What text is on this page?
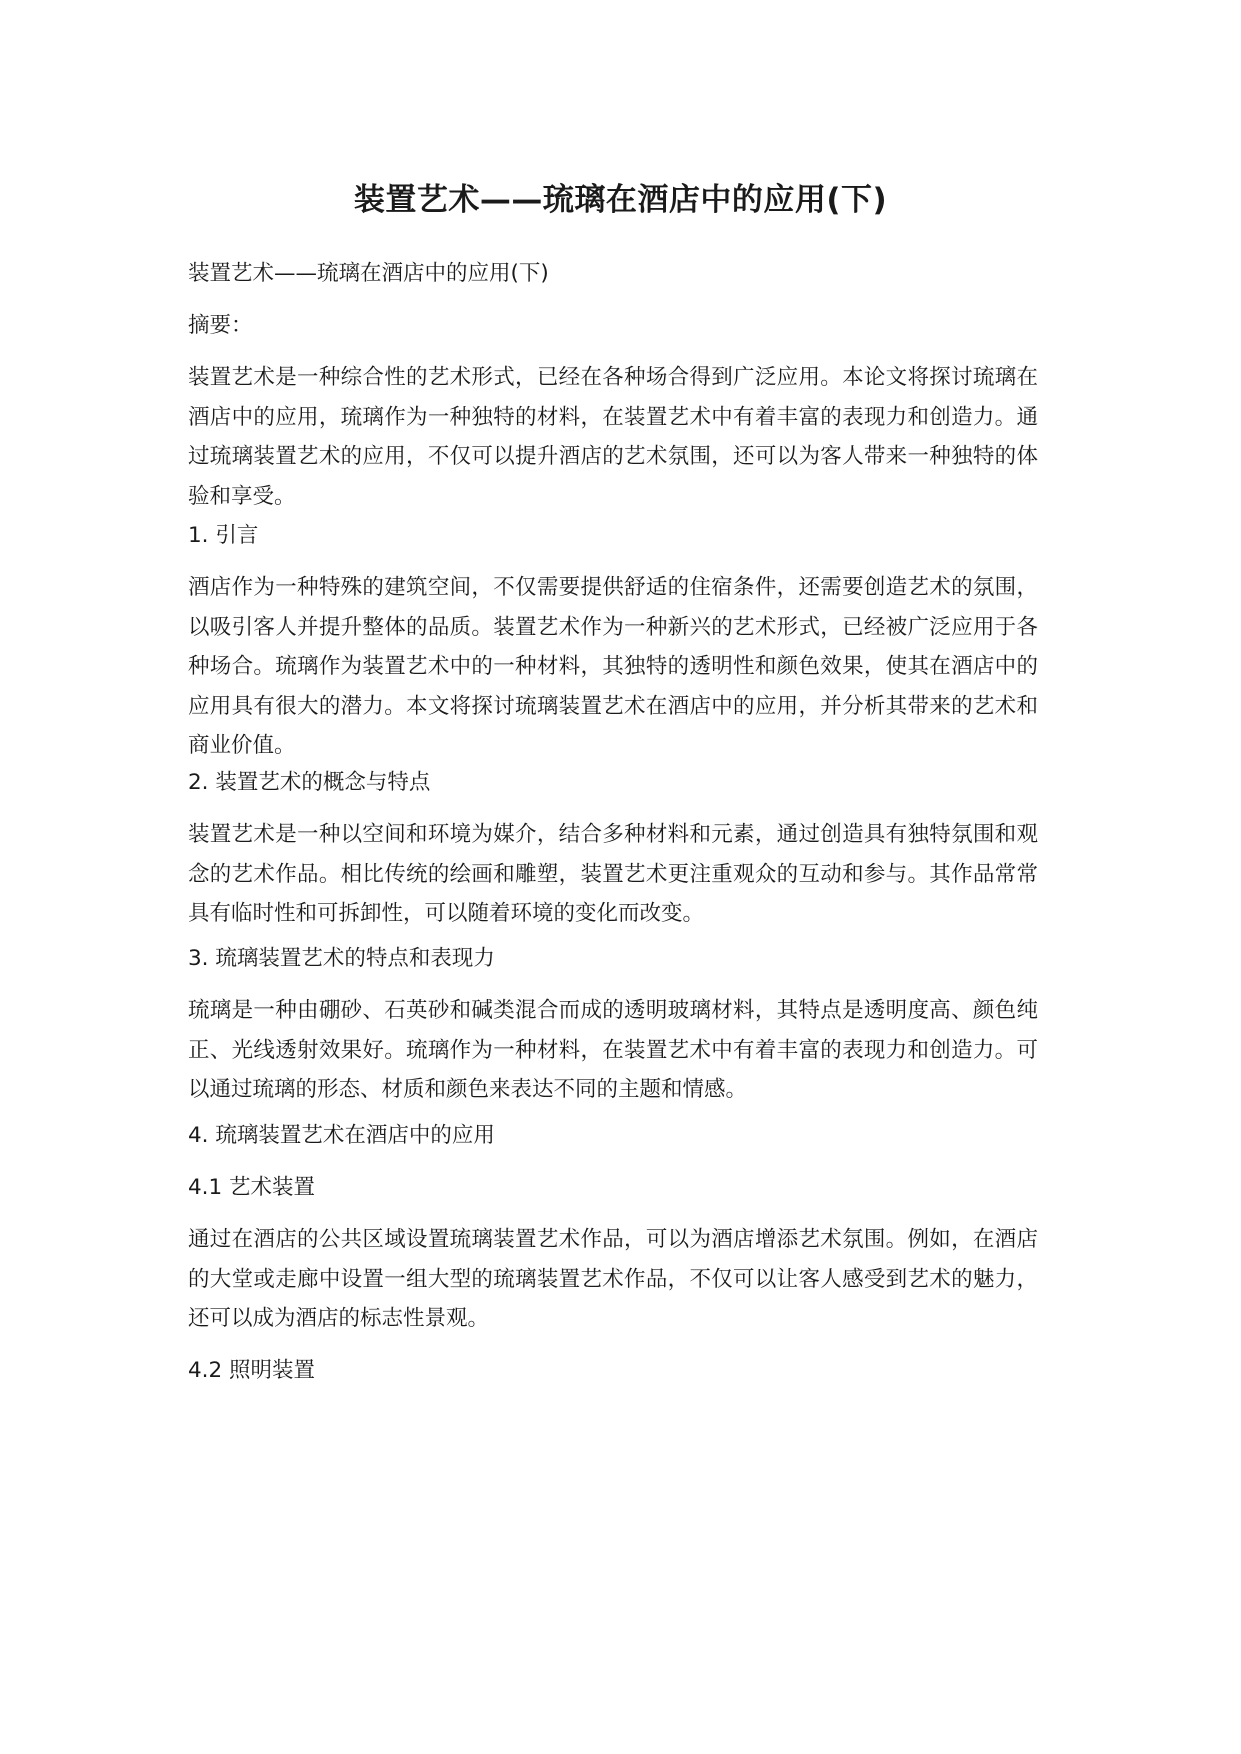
装置艺术——琉璃在酒店中的应用(下)

装置艺术——琉璃在酒店中的应用(下)

摘要：

装置艺术是一种综合性的艺术形式，已经在各种场合得到广泛应用。本论文将探讨琉璃在酒店中的应用，琉璃作为一种独特的材料，在装置艺术中有着丰富的表现力和创造力。通过琉璃装置艺术的应用，不仅可以提升酒店的艺术氛围，还可以为客人带来一种独特的体验和享受。

1. 引言

酒店作为一种特殊的建筑空间，不仅需要提供舒适的住宿条件，还需要创造艺术的氛围，以吸引客人并提升整体的品质。装置艺术作为一种新兴的艺术形式，已经被广泛应用于各种场合。琉璃作为装置艺术中的一种材料，其独特的透明性和颜色效果，使其在酒店中的应用具有很大的潜力。本文将探讨琉璃装置艺术在酒店中的应用，并分析其带来的艺术和商业价值。

2. 装置艺术的概念与特点

装置艺术是一种以空间和环境为媒介，结合多种材料和元素，通过创造具有独特氛围和观念的艺术作品。相比传统的绘画和雕塑，装置艺术更注重观众的互动和参与。其作品常常具有临时性和可拆卸性，可以随着环境的变化而改变。

3. 琉璃装置艺术的特点和表现力

琉璃是一种由硼砂、石英砂和碱类混合而成的透明玻璃材料，其特点是透明度高、颜色纯正、光线透射效果好。琉璃作为一种材料，在装置艺术中有着丰富的表现力和创造力。可以通过琉璃的形态、材质和颜色来表达不同的主题和情感。

4. 琉璃装置艺术在酒店中的应用

4.1 艺术装置

通过在酒店的公共区域设置琉璃装置艺术作品，可以为酒店增添艺术氛围。例如，在酒店的大堂或走廊中设置一组大型的琉璃装置艺术作品，不仅可以让客人感受到艺术的魅力，还可以成为酒店的标志性景观。

4.2 照明装置
